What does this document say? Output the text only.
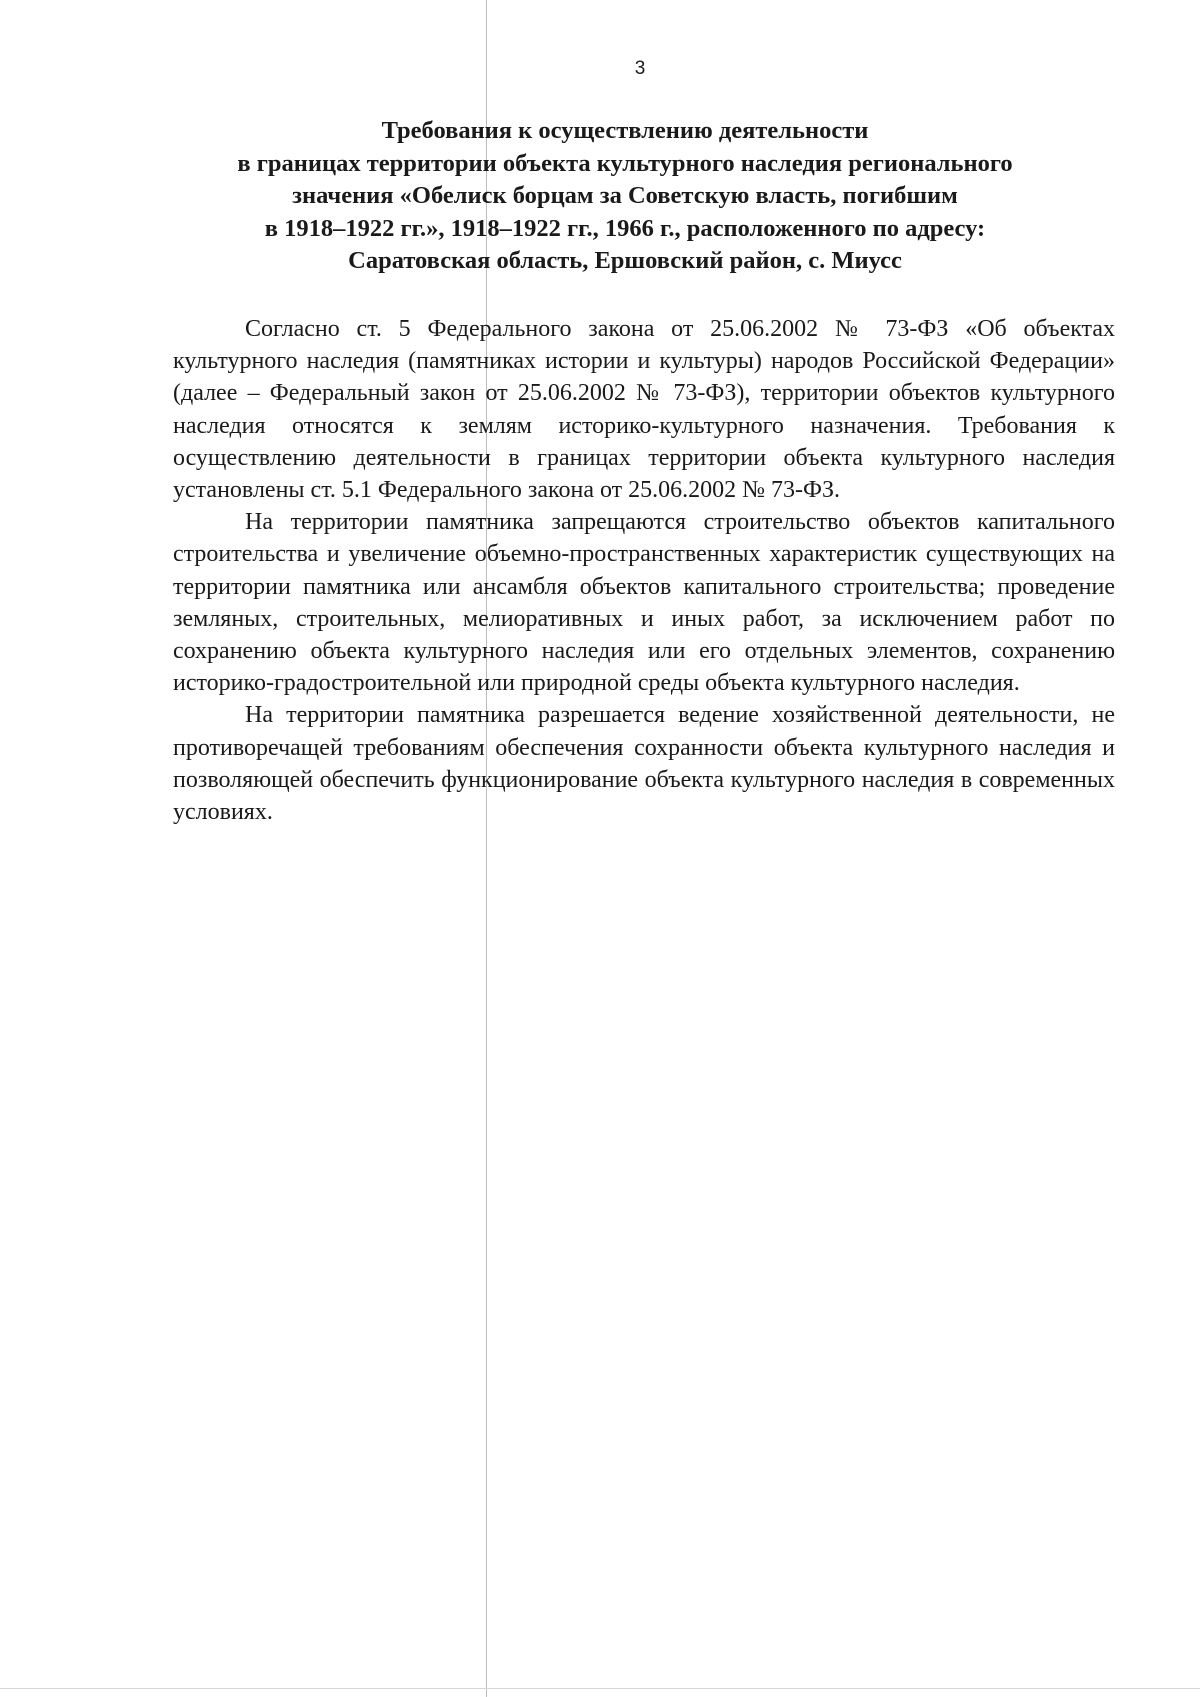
3
Требования к осуществлению деятельности
в границах территории объекта культурного наследия регионального
значения «Обелиск борцам за Советскую власть, погибшим
в 1918–1922 гг.», 1918–1922 гг., 1966 г., расположенного по адресу:
Саратовская область, Ершовский район, с. Миусс

Согласно ст. 5 Федерального закона от 25.06.2002 № 73-ФЗ «Об объектах культурного наследия (памятниках истории и культуры) народов Российской Федерации» (далее – Федеральный закон от 25.06.2002 № 73-ФЗ), территории объектов культурного наследия относятся к землям историко-культурного назначения. Требования к осуществлению деятельности в границах территории объекта культурного наследия установлены ст. 5.1 Федерального закона от 25.06.2002 № 73-ФЗ.

На территории памятника запрещаются строительство объектов капитального строительства и увеличение объемно-пространственных характеристик существующих на территории памятника или ансамбля объектов капитального строительства; проведение земляных, строительных, мелиоративных и иных работ, за исключением работ по сохранению объекта культурного наследия или его отдельных элементов, сохранению историко-градостроительной или природной среды объекта культурного наследия.

На территории памятника разрешается ведение хозяйственной деятельности, не противоречащей требованиям обеспечения сохранности объекта культурного наследия и позволяющей обеспечить функционирование объекта культурного наследия в современных условиях.
